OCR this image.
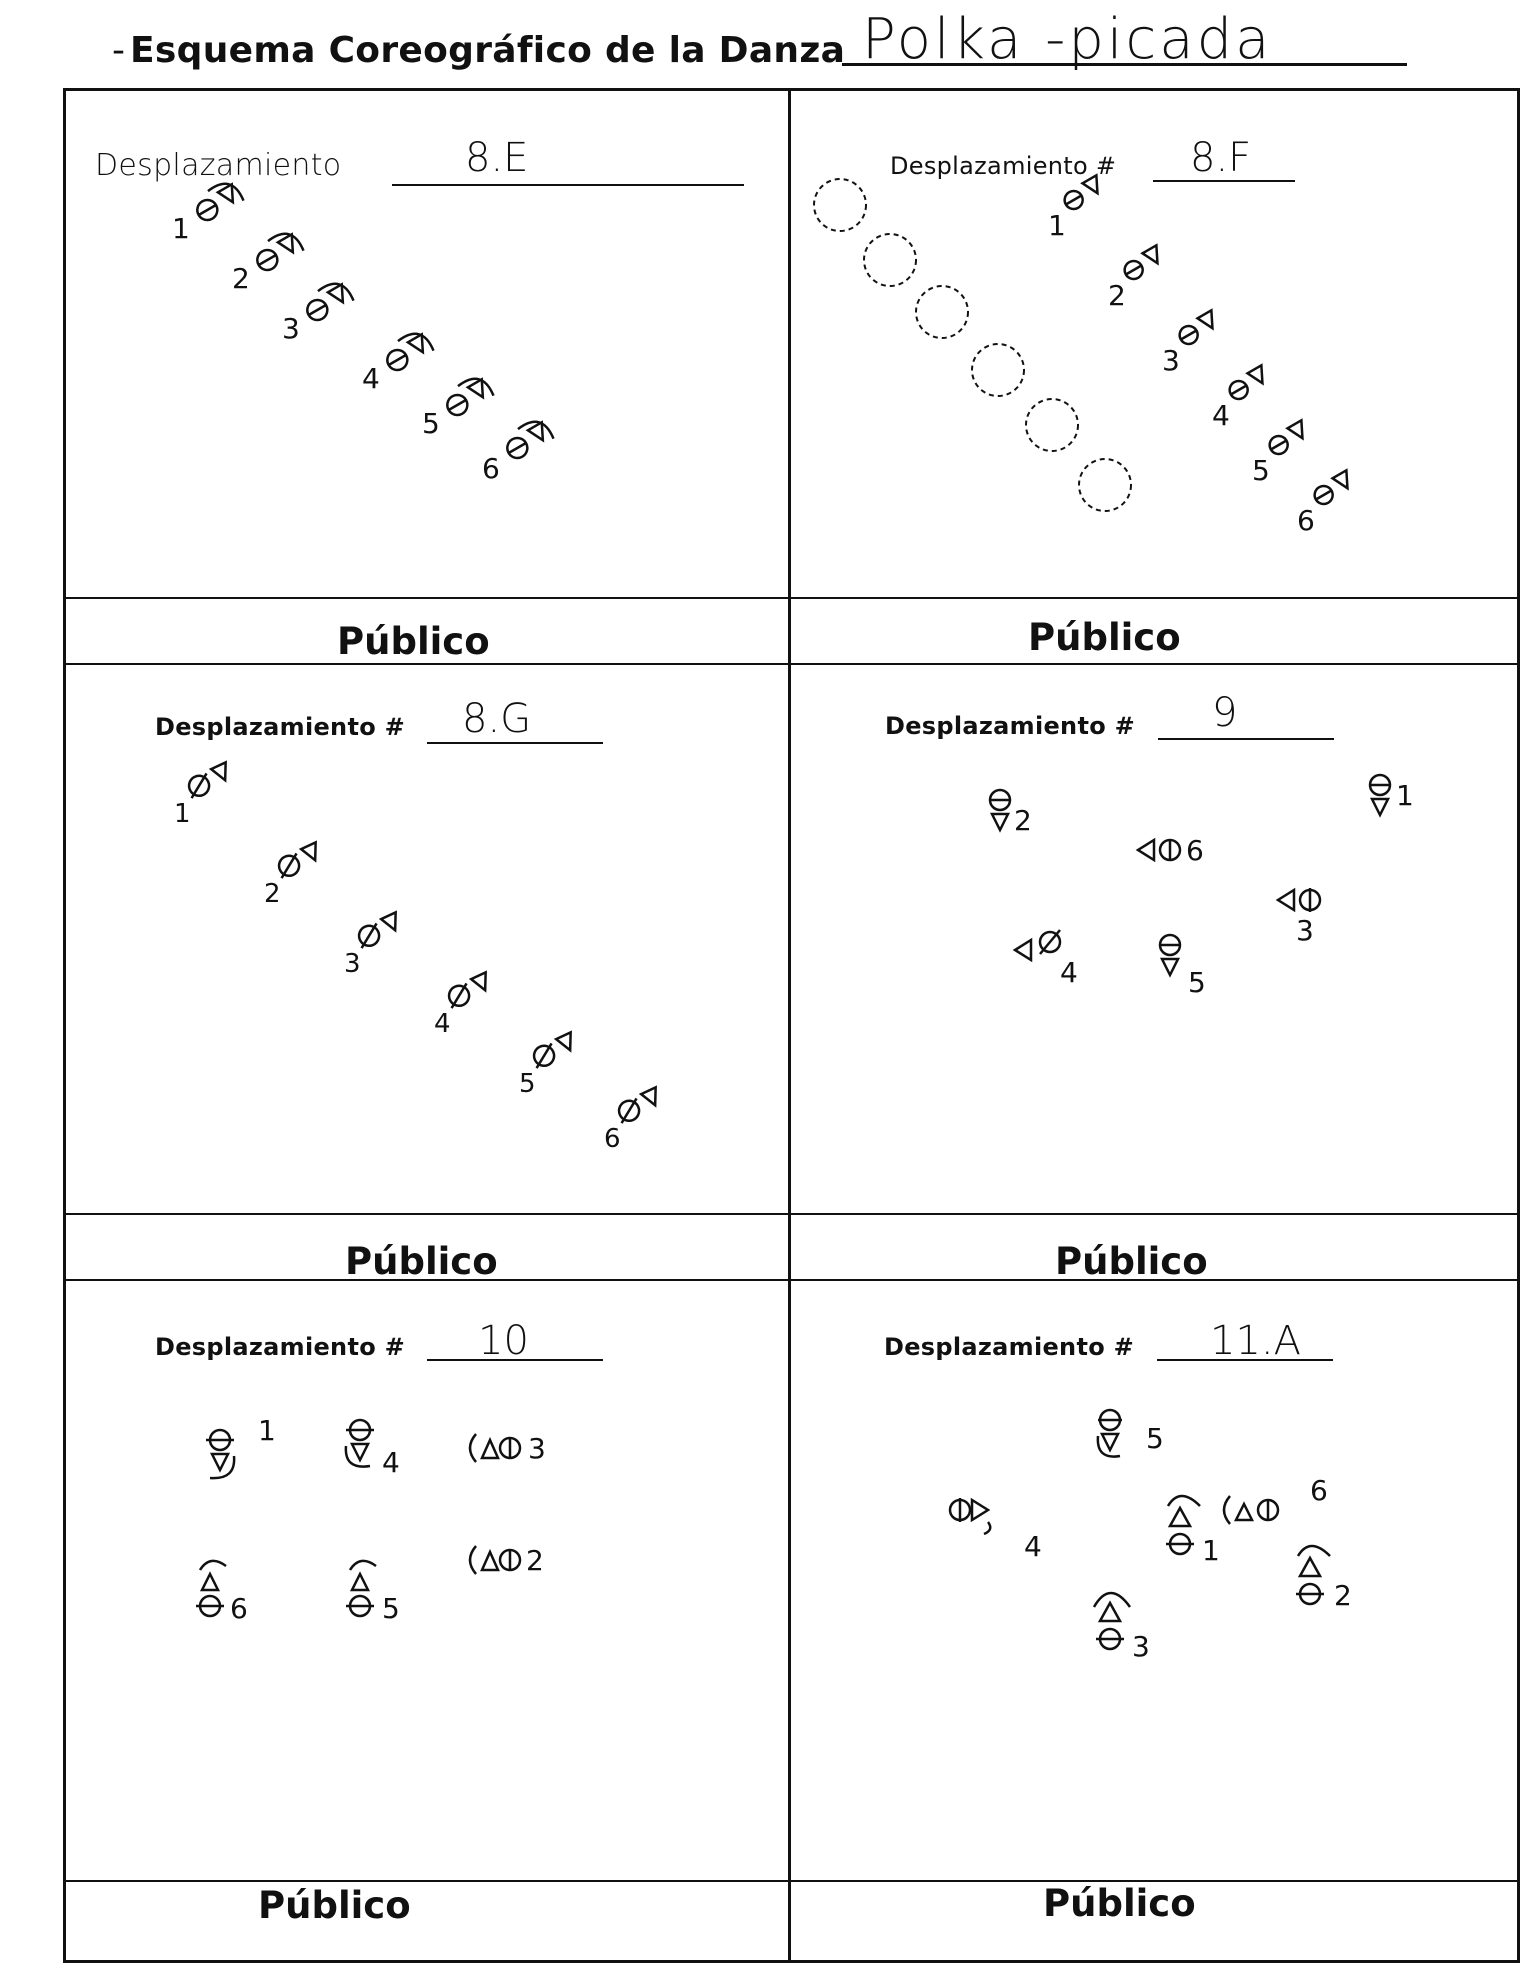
- Esquema Coreográfico de la Danza Polka -picada
Desplazamiento	8.E
1
2
3
4
5
6
Público
Desplazamiento # 8.F
1
2
3
4
5
6
Público
Desplazamiento # 8.G
1
2
3
4
5
6
Público
Desplazamiento # 9
1
2
3
4	5
6
Público
Desplazamiento # 10
1
2
3
4
5
6
Público
Desplazamiento # 11.A
1
2
3
4
5
6
Público
